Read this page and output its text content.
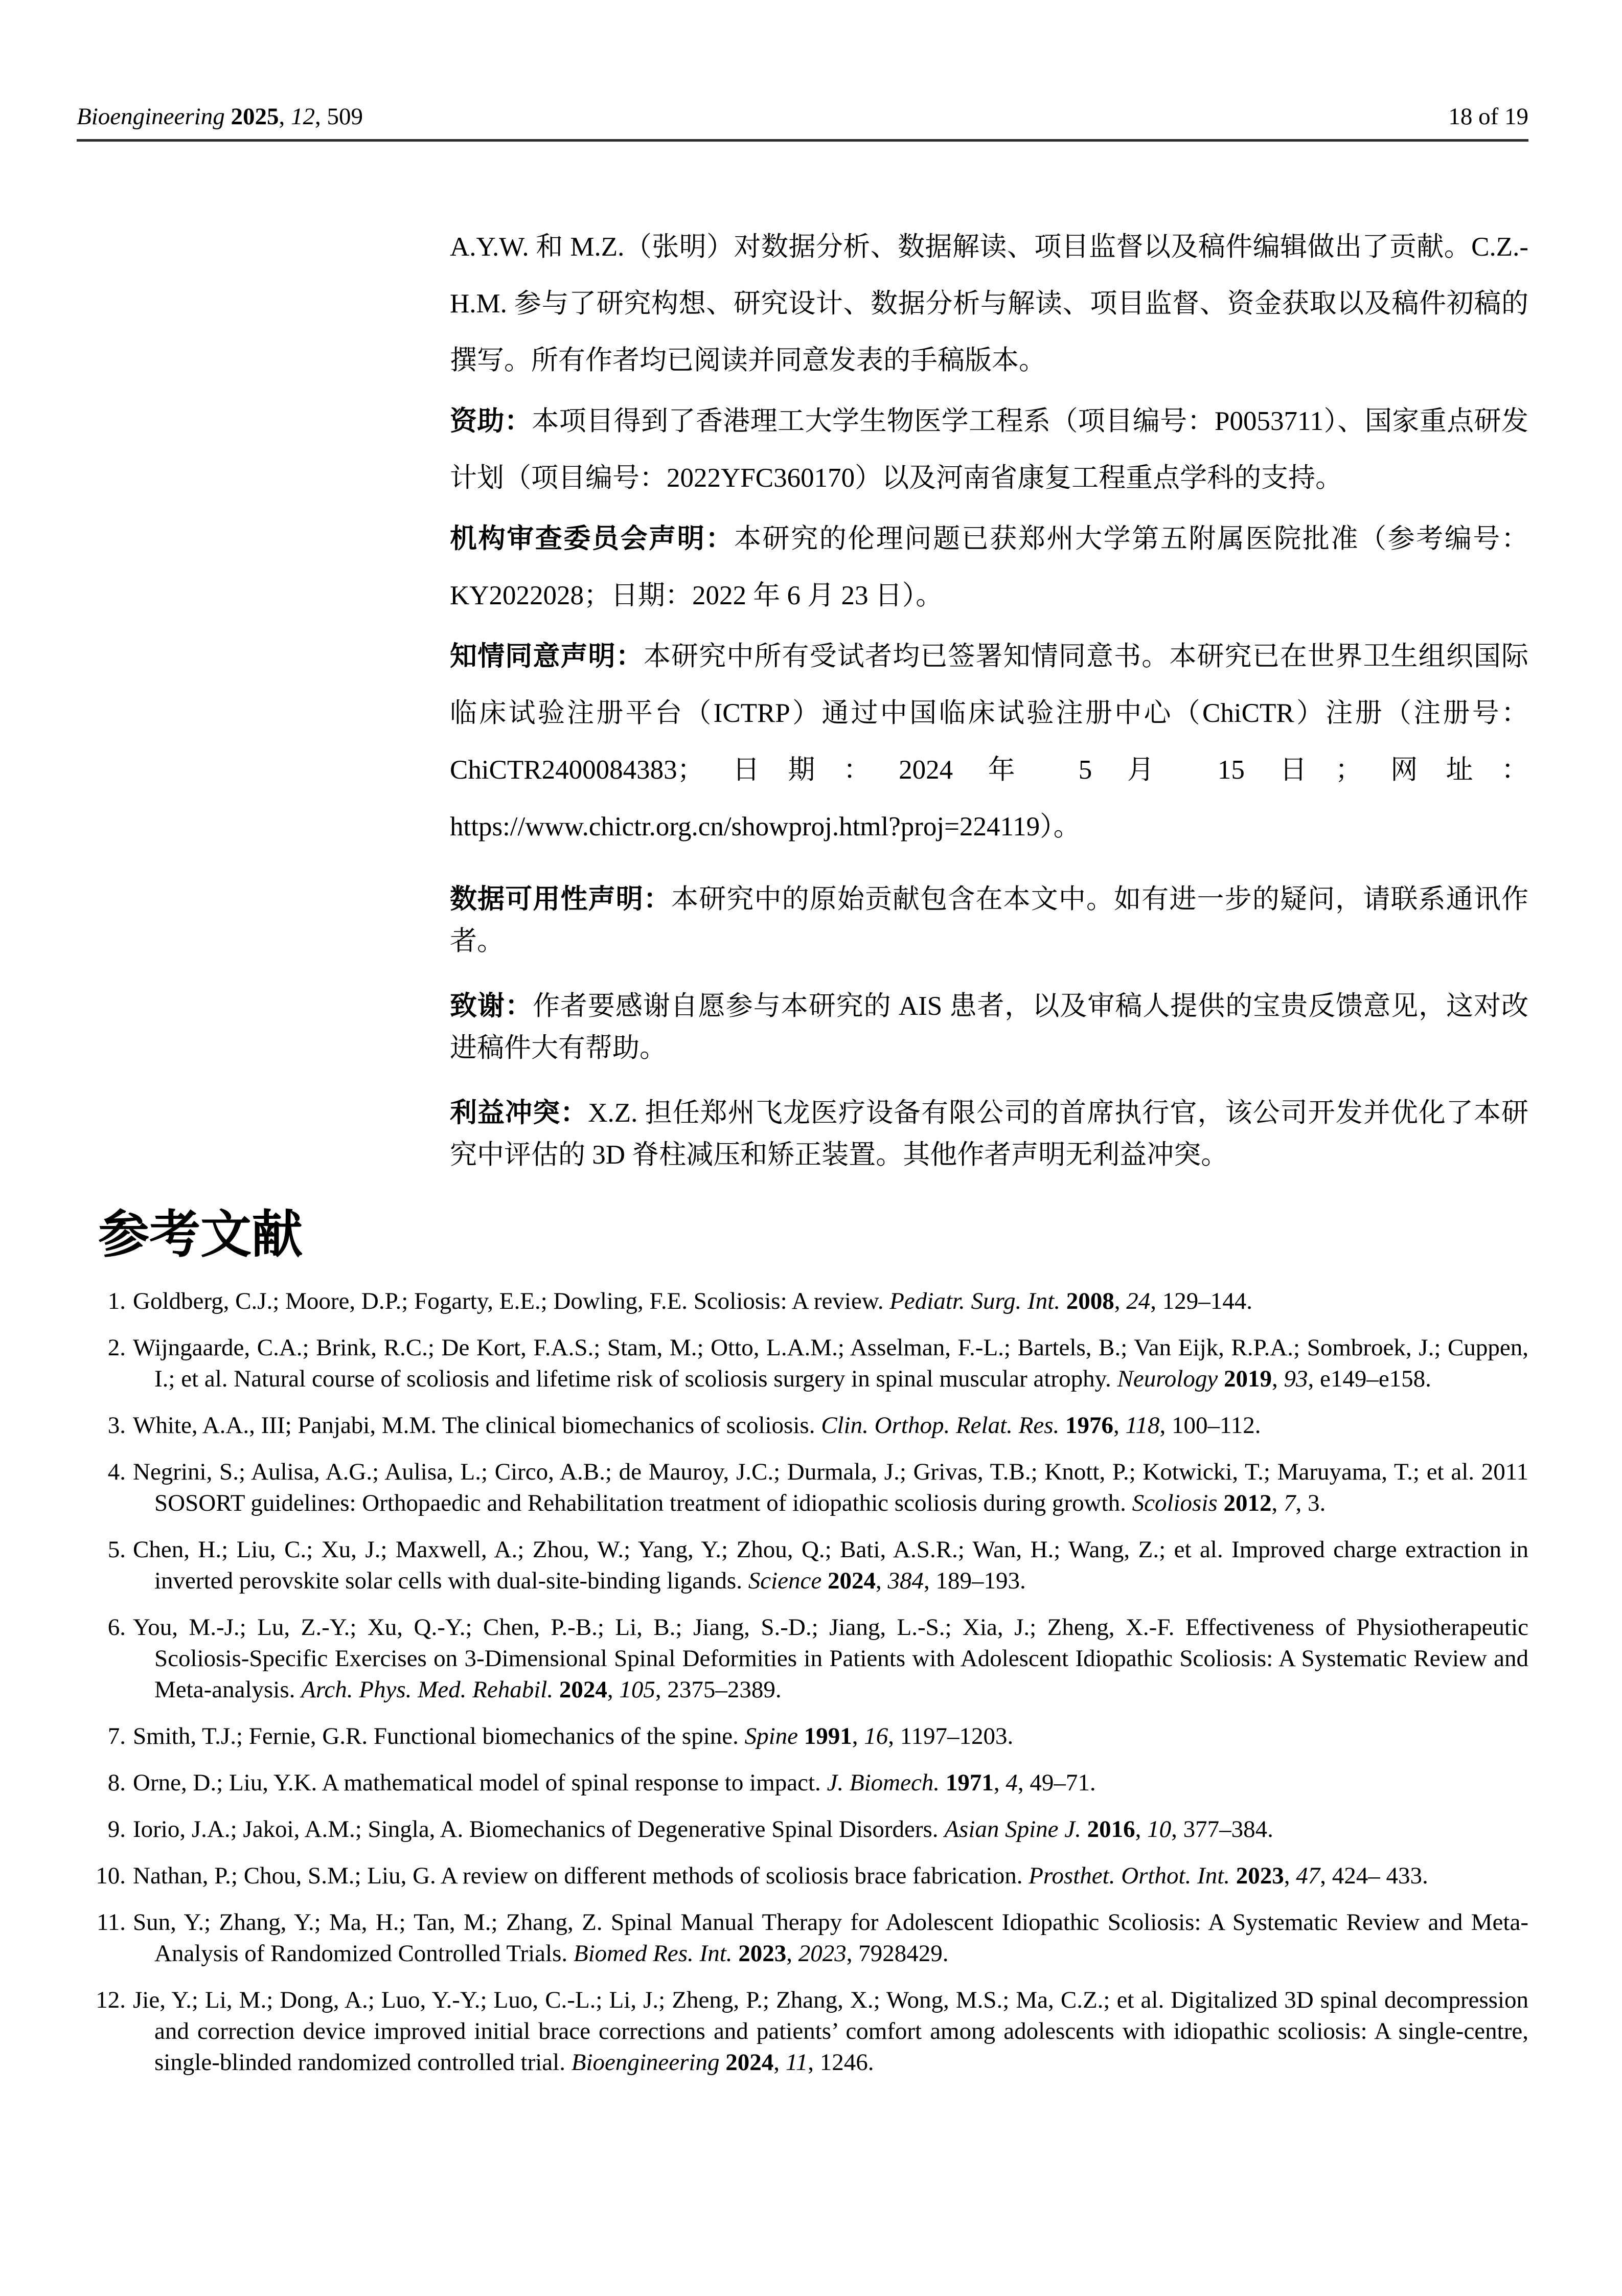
Bioengineering 2025, 12, 509	18 of 19

A.Y.W. 和 M.Z.（张明）对数据分析、数据解读、项目监督以及稿件编辑做出了贡献。C.Z.-H.M. 参与了研究构想、研究设计、数据分析与解读、项目监督、资金获取以及稿件初稿的撰写。所有作者均已阅读并同意发表的手稿版本。

资助：本项目得到了香港理工大学生物医学工程系（项目编号：P0053711）、国家重点研发计划（项目编号：2022YFC360170）以及河南省康复工程重点学科的支持。

机构审查委员会声明：本研究的伦理问题已获郑州大学第五附属医院批准（参考编号：KY2022028；日期：2022 年 6 月 23 日）。

知情同意声明：本研究中所有受试者均已签署知情同意书。本研究已在世界卫生组织国际临床试验注册平台（ICTRP）通过中国临床试验注册中心（ChiCTR）注册（注册号：ChiCTR2400084383；日期：2024 年 5 月 15 日；网址：https://www.chictr.org.cn/showproj.html?proj=224119）。

数据可用性声明：本研究中的原始贡献包含在本文中。如有进一步的疑问，请联系通讯作者。

致谢：作者要感谢自愿参与本研究的 AIS 患者，以及审稿人提供的宝贵反馈意见，这对改进稿件大有帮助。

利益冲突：X.Z. 担任郑州飞龙医疗设备有限公司的首席执行官，该公司开发并优化了本研究中评估的 3D 脊柱减压和矫正装置。其他作者声明无利益冲突。

参考文献
1. Goldberg, C.J.; Moore, D.P.; Fogarty, E.E.; Dowling, F.E. Scoliosis: A review. Pediatr. Surg. Int. 2008, 24, 129–144.
2. Wijngaarde, C.A.; Brink, R.C.; De Kort, F.A.S.; Stam, M.; Otto, L.A.M.; Asselman, F.-L.; Bartels, B.; Van Eijk, R.P.A.; Sombroek, J.; Cuppen, I.; et al. Natural course of scoliosis and lifetime risk of scoliosis surgery in spinal muscular atrophy. Neurology 2019, 93, e149–e158.
3. White, A.A., III; Panjabi, M.M. The clinical biomechanics of scoliosis. Clin. Orthop. Relat. Res. 1976, 118, 100–112.
4. Negrini, S.; Aulisa, A.G.; Aulisa, L.; Circo, A.B.; de Mauroy, J.C.; Durmala, J.; Grivas, T.B.; Knott, P.; Kotwicki, T.; Maruyama, T.; et al. 2011 SOSORT guidelines: Orthopaedic and Rehabilitation treatment of idiopathic scoliosis during growth. Scoliosis 2012, 7, 3.
5. Chen, H.; Liu, C.; Xu, J.; Maxwell, A.; Zhou, W.; Yang, Y.; Zhou, Q.; Bati, A.S.R.; Wan, H.; Wang, Z.; et al. Improved charge extraction in inverted perovskite solar cells with dual-site-binding ligands. Science 2024, 384, 189–193.
6. You, M.-J.; Lu, Z.-Y.; Xu, Q.-Y.; Chen, P.-B.; Li, B.; Jiang, S.-D.; Jiang, L.-S.; Xia, J.; Zheng, X.-F. Effectiveness of Physiotherapeutic Scoliosis-Specific Exercises on 3-Dimensional Spinal Deformities in Patients with Adolescent Idiopathic Scoliosis: A Systematic Review and Meta-analysis. Arch. Phys. Med. Rehabil. 2024, 105, 2375–2389.
7. Smith, T.J.; Fernie, G.R. Functional biomechanics of the spine. Spine 1991, 16, 1197–1203.
8. Orne, D.; Liu, Y.K. A mathematical model of spinal response to impact. J. Biomech. 1971, 4, 49–71.
9. Iorio, J.A.; Jakoi, A.M.; Singla, A. Biomechanics of Degenerative Spinal Disorders. Asian Spine J. 2016, 10, 377–384.
10. Nathan, P.; Chou, S.M.; Liu, G. A review on different methods of scoliosis brace fabrication. Prosthet. Orthot. Int. 2023, 47, 424– 433.
11. Sun, Y.; Zhang, Y.; Ma, H.; Tan, M.; Zhang, Z. Spinal Manual Therapy for Adolescent Idiopathic Scoliosis: A Systematic Review and Meta-Analysis of Randomized Controlled Trials. Biomed Res. Int. 2023, 2023, 7928429.
12. Jie, Y.; Li, M.; Dong, A.; Luo, Y.-Y.; Luo, C.-L.; Li, J.; Zheng, P.; Zhang, X.; Wong, M.S.; Ma, C.Z.; et al. Digitalized 3D spinal decompression and correction device improved initial brace corrections and patients’ comfort among adolescents with idiopathic scoliosis: A single-centre, single-blinded randomized controlled trial. Bioengineering 2024, 11, 1246.
